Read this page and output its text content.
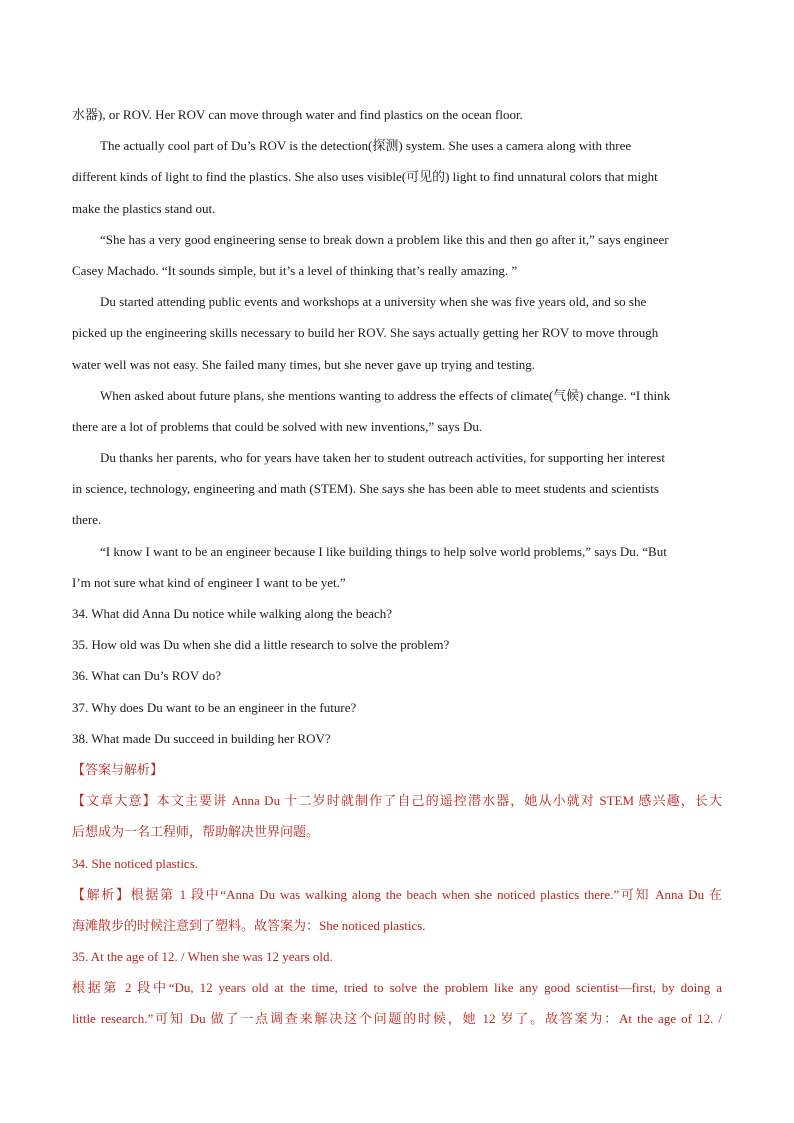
水器), or ROV. Her ROV can move through water and find plastics on the ocean floor.
The actually cool part of Du’s ROV is the detection(探测) system. She uses a camera along with three
different kinds of light to find the plastics. She also uses visible(可见的) light to find unnatural colors that might
make the plastics stand out.
“She has a very good engineering sense to break down a problem like this and then go after it,” says engineer
Casey Machado. “It sounds simple, but it’s a level of thinking that’s really amazing. ”
Du started attending public events and workshops at a university when she was five years old, and so she
picked up the engineering skills necessary to build her ROV. She says actually getting her ROV to move through
water well was not easy. She failed many times, but she never gave up trying and testing.
When asked about future plans, she mentions wanting to address the effects of climate(气候) change. “I think
there are a lot of problems that could be solved with new inventions,” says Du.
Du thanks her parents, who for years have taken her to student outreach activities, for supporting her interest
in science, technology, engineering and math (STEM). She says she has been able to meet students and scientists
there.
“I know I want to be an engineer because I like building things to help solve world problems,” says Du. “But
I’m not sure what kind of engineer I want to be yet.”
34. What did Anna Du notice while walking along the beach?
35. How old was Du when she did a little research to solve the problem?
36. What can Du’s ROV do?
37. Why does Du want to be an engineer in the future?
38. What made Du succeed in building her ROV?
【答案与解析】
【文章大意】本文主要讲 Anna Du 十二岁时就制作了自己的遥控潜水器，她从小就对 STEM 感兴趣，长大
后想成为一名工程师，帮助解决世界问题。
34. She noticed plastics.
【解析】根据第 1 段中“Anna Du was walking along the beach when she noticed plastics there.”可知 Anna Du 在
海滩散步的时候注意到了塑料。故答案为：She noticed plastics.
35. At the age of 12. / When she was 12 years old.
根据第 2 段中“Du, 12 years old at the time, tried to solve the problem like any good scientist—first, by doing a
little research.”可知 Du 做了一点调查来解决这个问题的时候，她 12 岁了。故答案为：At the age of 12. /
